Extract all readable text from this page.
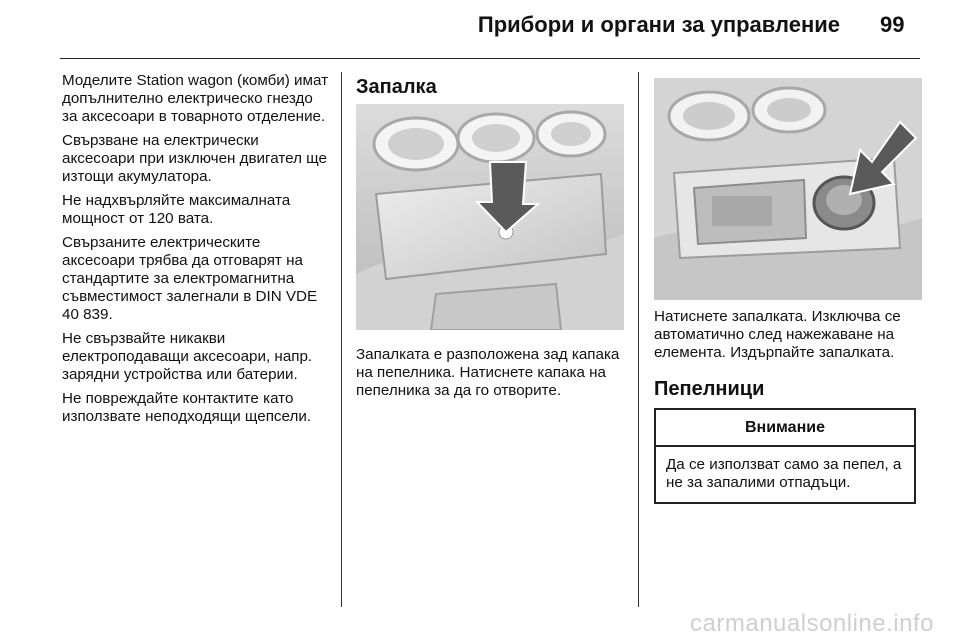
Прибори и органи за управление 99

Моделите Station wagon (комби) имат допълнително електрическо гнездо за аксесоари в товарното отделение.

Свързване на електрически аксесоари при изключен двигател ще изтощи акумулатора.

Не надхвърляйте максималната мощност от 120 вата.

Свързаните електрическите аксесоари трябва да отговарят на стандартите за електромагнитна съвместимост залегнали в DIN VDE 40 839.

Не свързвайте никакви електроподаващи аксесоари, напр. зарядни устройства или батерии.

Не повреждайте контактите като използвате неподходящи щепсели.

Запалка

Запалката е разположена зад капака на пепелника. Натиснете капака на пепелника за да го отворите.

Натиснете запалката. Изключва се автоматично след нажежаване на елемента. Издърпайте запалката.

Пепелници
Внимание
Да се използват само за пепел, а не за запалими отпадъци.
carmanualsonline.info
